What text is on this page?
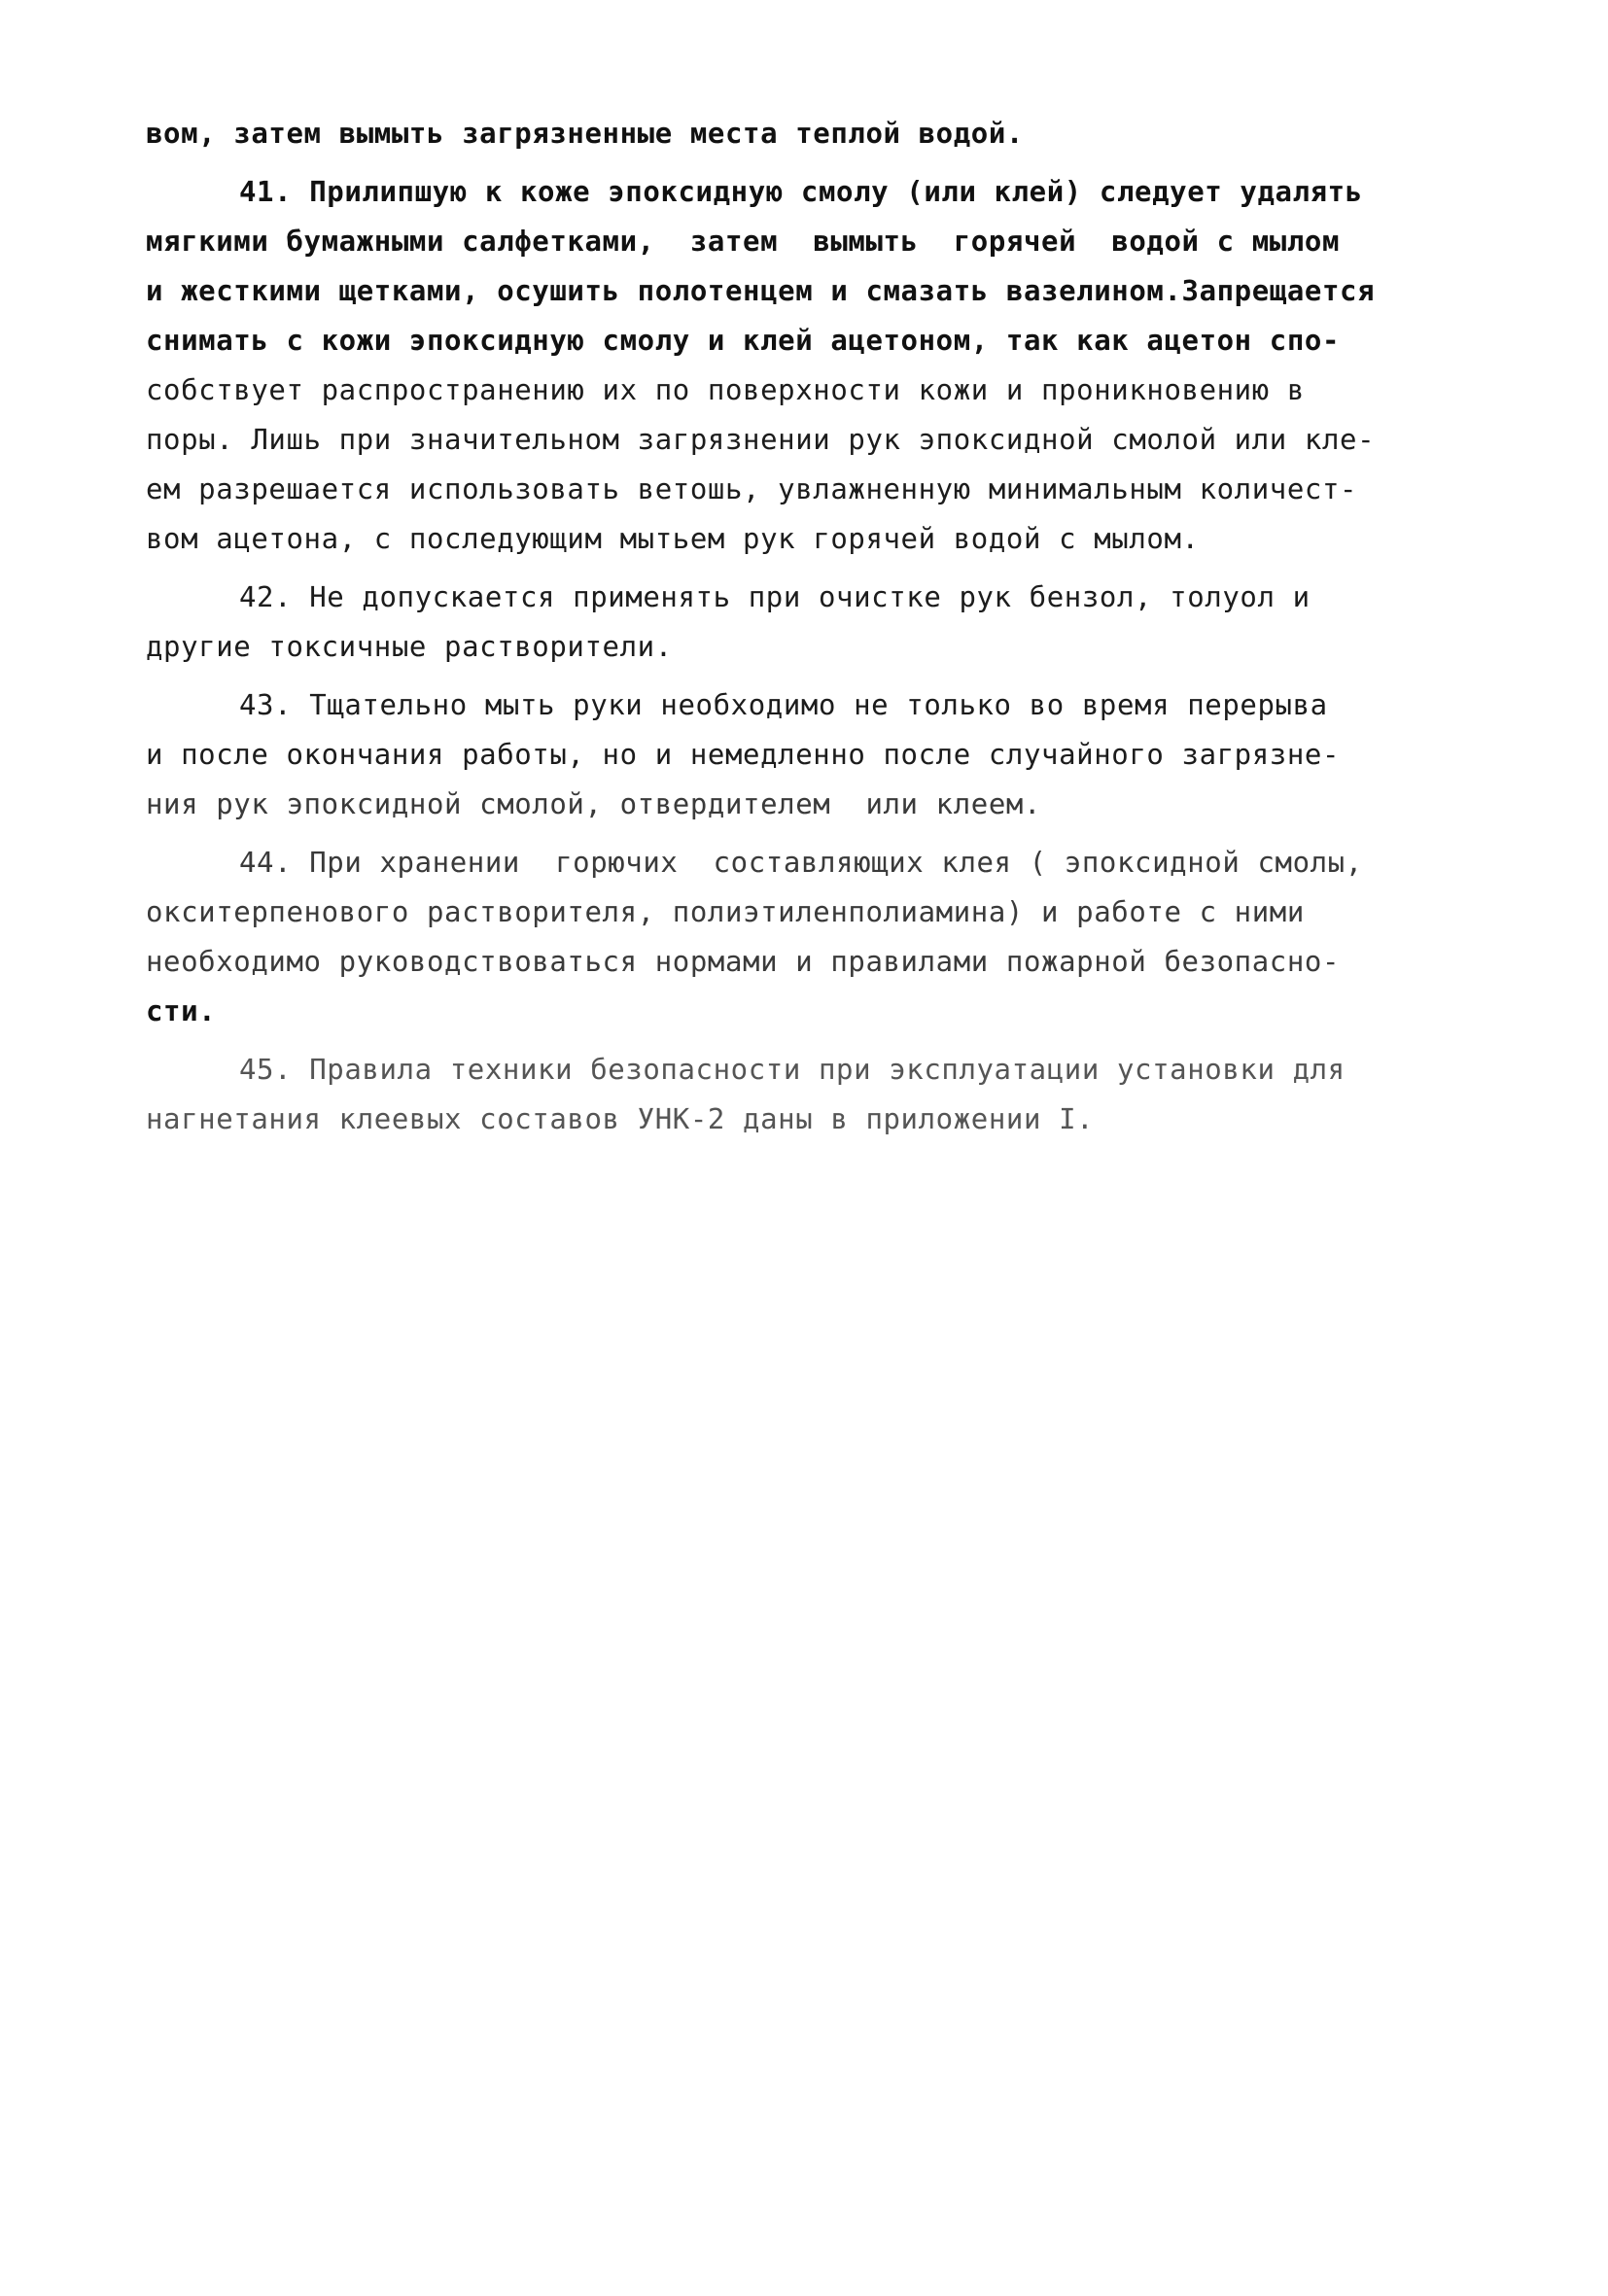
вом, затем вымыть загрязненные места теплой водой.
41. Прилипшую к коже эпоксидную смолу (или клей) следует удалять
мягкими бумажными салфетками,  затем  вымыть  горячей  водой с мылом
и жесткими щетками, осушить полотенцем и смазать вазелином.Запрещается
снимать с кожи эпоксидную смолу и клей ацетоном, так как ацетон спо-
собствует распространению их по поверхности кожи и проникновению в
поры. Лишь при значительном загрязнении рук эпоксидной смолой или кле-
ем разрешается использовать ветошь, увлажненную минимальным количест-
вом ацетона, с последующим мытьем рук горячей водой с мылом.
42. Не допускается применять при очистке рук бензол, толуол и
другие токсичные растворители.
43. Тщательно мыть руки необходимо не только во время перерыва
и после окончания работы, но и немедленно после случайного загрязне-
ния рук эпоксидной смолой, отвердителем  или клеем.
44. При хранении  горючих  составляющих клея ( эпоксидной смолы,
окситерпенового растворителя, полиэтиленполиамина) и работе с ними
необходимо руководствоваться нормами и правилами пожарной безопасно-
сти.
45. Правила техники безопасности при эксплуатации установки для
нагнетания клеевых составов УНК-2 даны в приложении I.
